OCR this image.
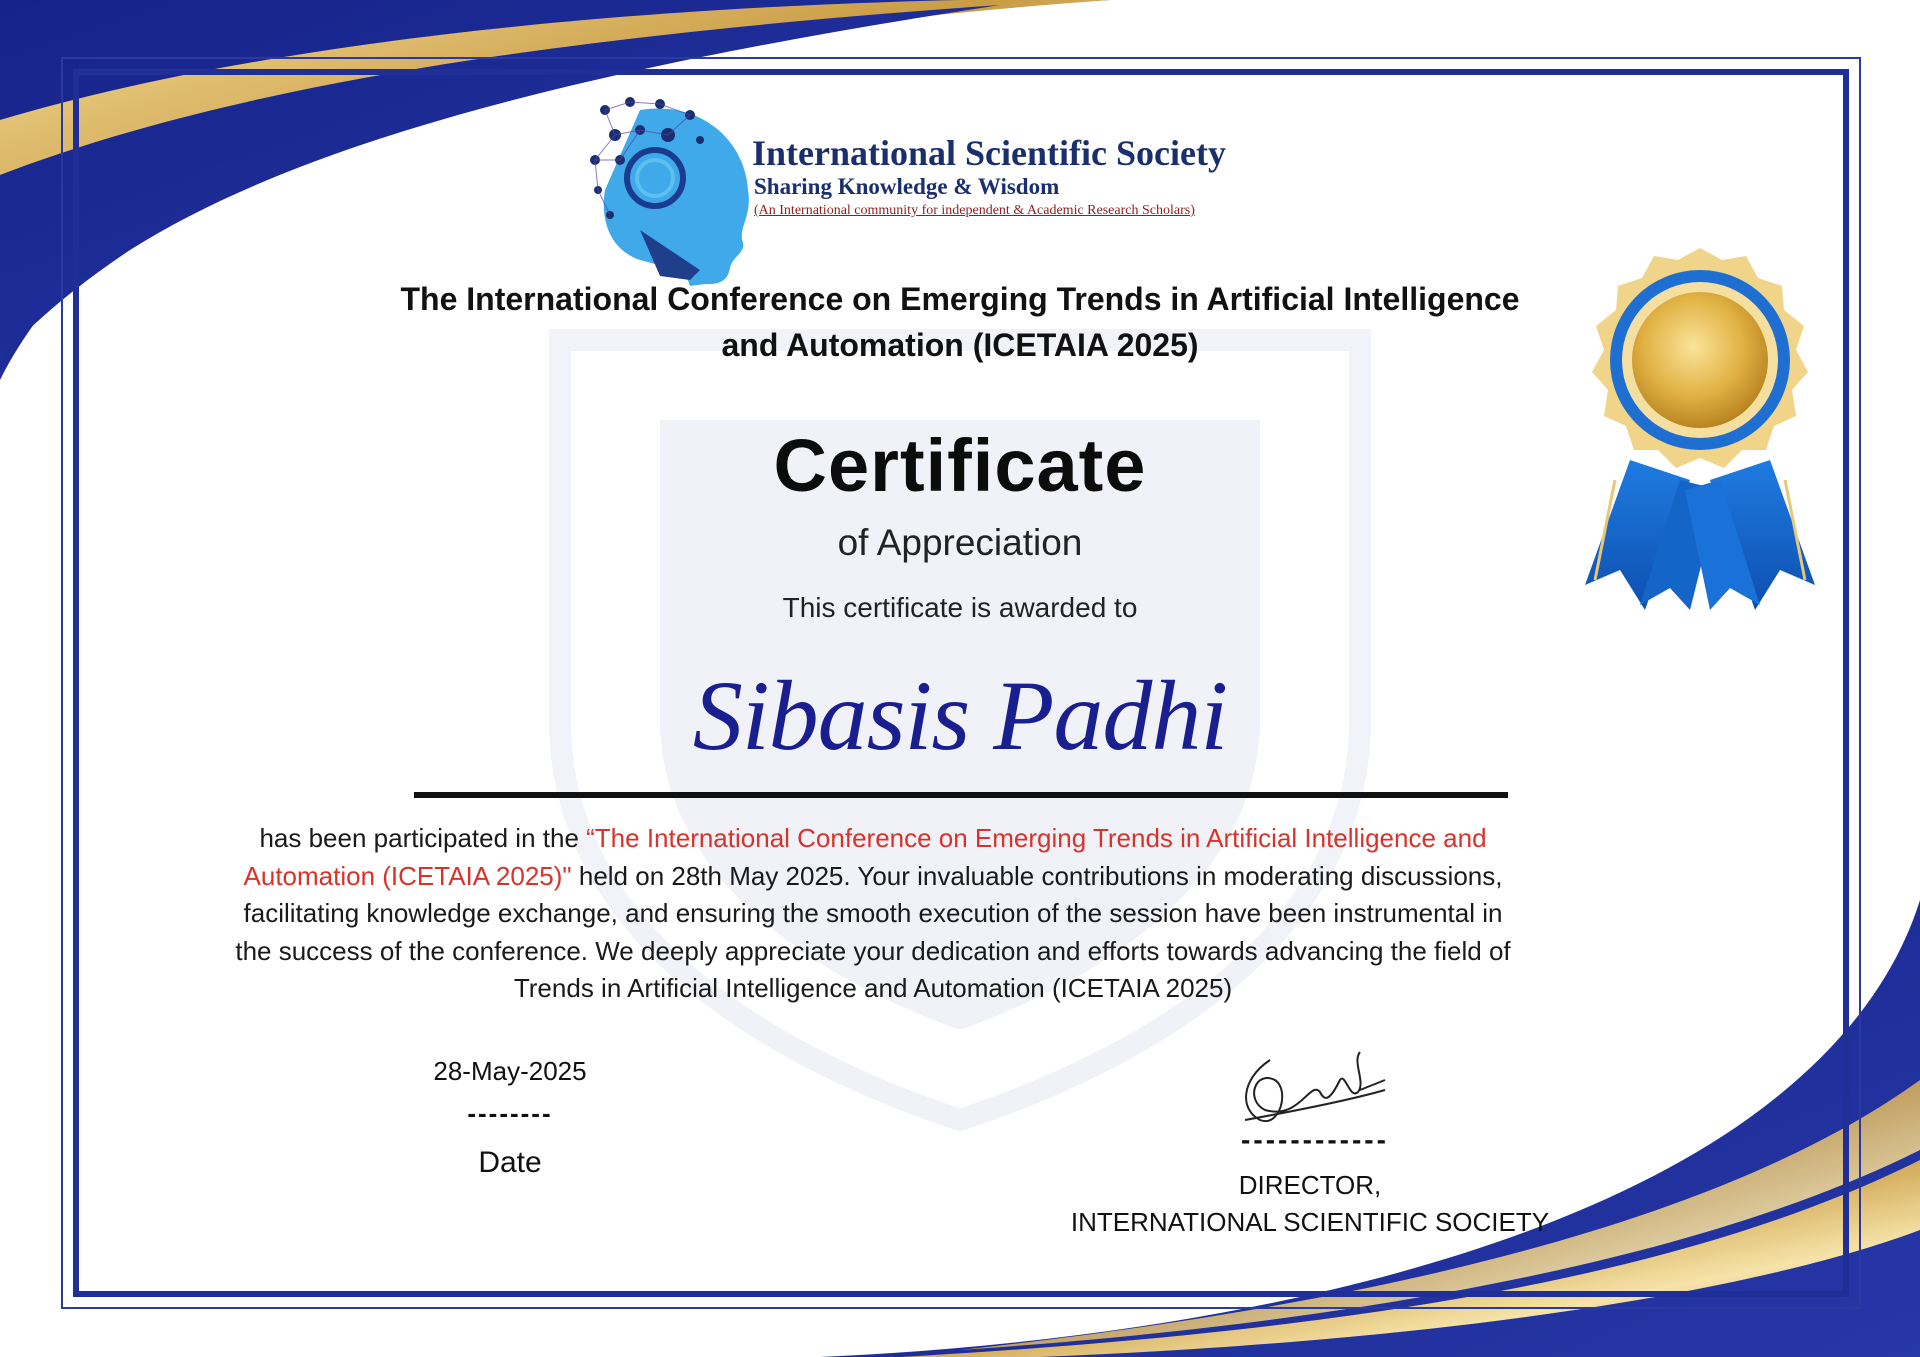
International Scientific Society
Sharing Knowledge & Wisdom
(An International community for independent & Academic Research Scholars)
The International Conference on Emerging Trends in Artificial Intelligence
and Automation (ICETAIA 2025)
Certificate
of Appreciation
This certificate is awarded to
Sibasis Padhi
has been participated in the “The International Conference on Emerging Trends in Artificial Intelligence and Automation (ICETAIA 2025)" held on 28th May 2025. Your invaluable contributions in moderating discussions, facilitating knowledge exchange, and ensuring the smooth execution of the session have been instrumental in the success of the conference. We deeply appreciate your dedication and efforts towards advancing the field of Trends in Artificial Intelligence and Automation (ICETAIA 2025)
28-May-2025
--------
Date
------------
DIRECTOR,
INTERNATIONAL SCIENTIFIC SOCIETY
